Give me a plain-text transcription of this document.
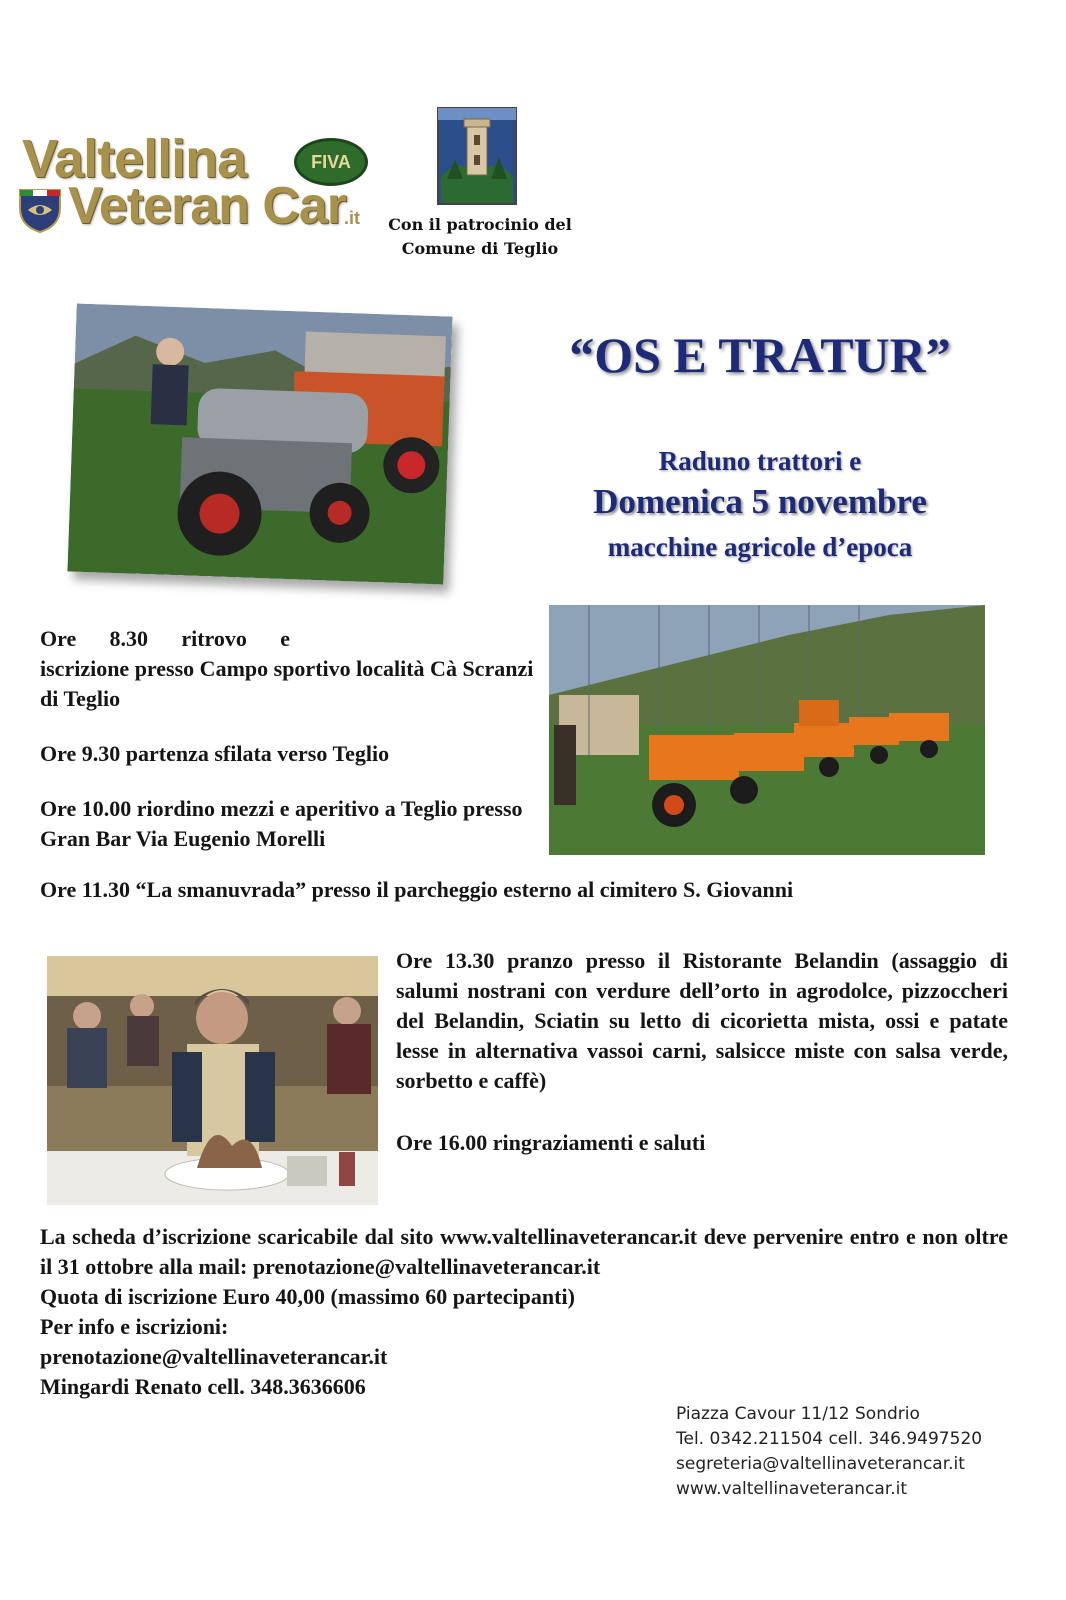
Valtellina	FIVA
Veteran Car
.it	Con il patrocinio del
Comune di Teglio
“OS E TRATUR”

Raduno trattori e

macchine agricole d’epoca

Domenica 5 novembre
Ore 8.30 ritrovo e
iscrizione presso Campo sportivo località Cà Scranzi di Teglio
Ore 9.30 partenza sfilata verso Teglio
Ore 10.00 riordino mezzi e aperitivo a Teglio presso Gran Bar Via Eugenio Morelli
Ore 11.30 “La smanuvrada” presso il parcheggio esterno al cimitero S. Giovanni
Ore 13.30 pranzo presso il Ristorante Belandin (assaggio di salumi nostrani con verdure dell’orto in agrodolce, pizzoccheri del Belandin, Sciatin su letto di cicorietta mista, ossi e patate lesse in alternativa vassoi carni, salsicce miste con salsa verde, sorbetto e caffè)
Ore 16.00 ringraziamenti e saluti
La scheda d’iscrizione scaricabile dal sito www.valtellinaveterancar.it deve pervenire entro e non oltre il 31 ottobre alla mail: prenotazione@valtellinaveterancar.it
Quota di iscrizione Euro 40,00 (massimo 60 partecipanti)
Per info e iscrizioni:
prenotazione@valtellinaveterancar.it
Mingardi Renato cell. 348.3636606
Piazza Cavour 11/12 Sondrio
Tel. 0342.211504 cell. 346.9497520
segreteria@valtellinaveterancar.it
www.valtellinaveterancar.it
